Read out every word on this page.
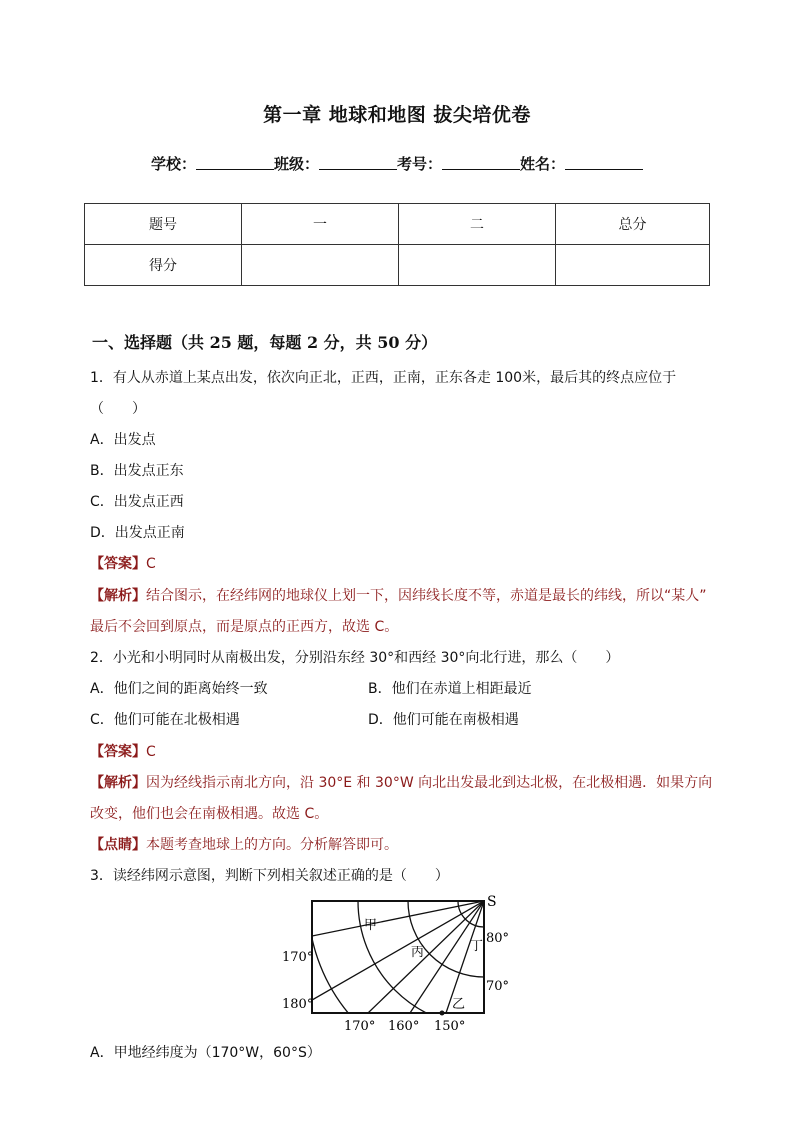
第一章 地球和地图 拔尖培优卷
学校：	班级：	考号：	姓名：
题号	一	二	总分
得分			
一、选择题（共 25 题，每题 2 分，共 50 分）
1．有人从赤道上某点出发，依次向正北，正西，正南，正东各走 100米，最后其的终点应位于
（　　）
A．出发点
B．出发点正东
C．出发点正西
D．出发点正南
【答案】C
【解析】结合图示，在经纬网的地球仪上划一下，因纬线长度不等，赤道是最长的纬线，所以“某人”
最后不会回到原点，而是原点的正西方，故选 C。
2．小光和小明同时从南极出发，分别沿东经 30°和西经 30°向北行进，那么（　　）
A．他们之间的距离始终一致	B．他们在赤道上相距最近
C．他们可能在北极相遇	D．他们可能在南极相遇
【答案】C
【解析】因为经线指示南北方向，沿 30°E 和 30°W 向北出发最北到达北极，在北极相遇．如果方向
改变，他们也会在南极相遇。故选 C。
【点睛】本题考查地球上的方向。分析解答即可。
3．读经纬网示意图，判断下列相关叙述正确的是（　　）
S
甲
丙	丁
乙
170°
180°
80°
70°
170° 160° 150°
A．甲地经纬度为（170°W，60°S）
